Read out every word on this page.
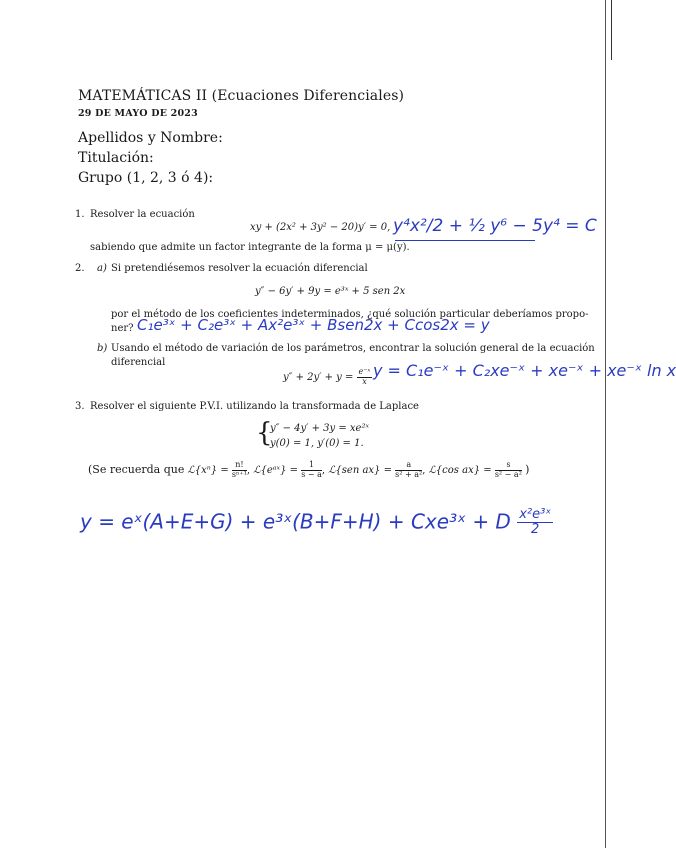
MATEMÁTICAS II (Ecuaciones Diferenciales)
29 DE MAYO DE 2023
Apellidos y Nombre:
Titulación:
Grupo (1, 2, 3 ó 4):
1. Resolver la ecuación
xy + (2x² + 3y² − 20)y′ = 0,
sabiendo que admite un factor integrante de la forma μ = μ(y).
y⁴x²/2 + ½ y⁶ − 5y⁴ = C
2. a) Si pretendiésemos resolver la ecuación diferencial
y″ − 6y′ + 9y = e³ˣ + 5 sen 2x
por el método de los coeficientes indeterminados, ¿qué solución particular deberíamos propo-
ner? C₁e³ˣ + C₂e³ˣ + Ax²e³ˣ + Bsen2x + Ccos2x = y
b) Usando el método de variación de los parámetros, encontrar la solución general de la ecuación
diferencial
$y'' + 2y' + y = \frac{\text{e⁻ˣ}}{x}$ y = C₁e⁻ˣ + C₂xe⁻ˣ + xe⁻ˣ + xe⁻ˣ ln x
3. Resolver el siguiente P.V.I. utilizando la transformada de Laplace
{
y″ − 4y′ + 3y = xe²ˣ
y(0) = 1, y′(0) = 1.
(Se recuerda que ℒ{xⁿ} = $\frac{n!}{\text{sⁿ⁺¹}}$ , ℒ{eᵃˣ} = $\frac{1}{s - a}$ , ℒ{sen $ax\} = \frac{a}{\text{s² + a²}}$ , ℒ{cos $ax\} = \frac{s}{\text{s² − a²}}$ )
y = eˣ(A+E+G) + e³ˣ(B+F+H) + Cxe³ˣ + D $\frac{\text{x²e³ˣ}}{2}$
